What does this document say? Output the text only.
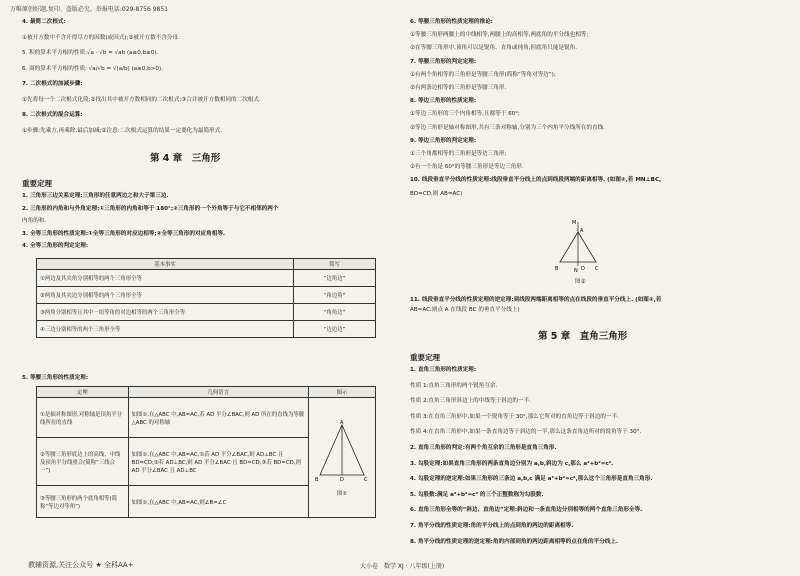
万唯原创好题,复印、盗版必究。举报电话:029-8756 9851
4. 最简二次根式:
①被开方数中不含开得尽方的因数(或因式);②被开方数不含分母.
5. 积的算术平方根的性质:√a · √b = √ab (a≥0,b≥0).
6. 商的算术平方根的性质: √a/√b = √(a/b) (a≥0,b>0).
7. 二次根式的加减步骤:
①先将每一个二次根式化简;②找出其中被开方数相同的二次根式;③合并被开方数相同的二次根式.
8. 二次根式的混合运算:
①步骤:先乘方,再乘除,最后加减;②注意:二次根式运算的结果一定要化为最简形式.
第 4 章　三角形
重要定理
1. 三角形三边关系定理:三角形的任意两边之和大于第三边.
2. 三角形的内角和与外角定理:①三角形的内角和等于 180°;②三角形的一个外角等于与它不相邻的两个
内角的和.
3. 全等三角形的性质定理:①全等三角形的对应边相等;②全等三角形的对应角相等.
4. 全等三角形的判定定理:
基本事实	简写
①两边及其夹角分别相等的两个三角形全等	“边角边”
②两角及其夹边分别相等的两个三角形全等	“角边角”
③两角分别相等且其中一组等角的对边相等的两个三角形全等	“角角边”
④三边分别相等的两个三角形全等	“边边边”
5. 等腰三角形的性质定理:
定理	几何语言	图示
①是轴对称图形,对称轴是顶角平分线所在的直线	如图①,在△ABC 中,AB=AC,若 AD 平分∠BAC,则 AD 所在的直线为等腰△ABC 的对称轴	A
B D C
图①

②等腰三角形底边上的高线、中线及顶角平分线重合(简称“三线合一”)	如图①,在△ABC 中,AB=AC,①若 AD 平分∠BAC,则 AD⊥BC 且 BD=CD;②若 AD⊥BC,则 AD 平分∠BAC 且 BD=CD;③若 BD=CD,则 AD 平分∠BAC 且 AD⊥BC	
③等腰三角形的两个底角相等(简称“等边对等角”)	如图①,在△ABC 中,AB=AC,则∠B=∠C	
教辅资源,关注公众号 ★ 全科AA+
6. 等腰三角形的性质定理的推论:
①等腰三角形两腰上的中线相等,两腰上的高相等,两底角的平分线也相等;
②在等腰三角形中,顶角可以是锐角、直角或钝角,但底角只能是锐角.
7. 等腰三角形的判定定理:
①有两个角相等的三角形是等腰三角形(简称“等角对等边”);
②有两条边相等的三角形是等腰三角形.
8. 等边三角形的性质定理:
①等边三角形的三个内角相等,且都等于 60°;
②等边三角形是轴对称图形,共有三条对称轴,分别为三个内角平分线所在的直线.
9. 等边三角形的判定定理:
①三个角都相等的三角形是等边三角形;
②有一个角是 60°的等腰三角形是等边三角形.
10. 线段垂直平分线的性质定理:线段垂直平分线上的点到线段两端的距离相等. (如图②,若 MN⊥BC,
BD=CD,则 AB=AC)
M
A
B	N D C
图②
11. 线段垂直平分线的性质定理的逆定理:到线段两端距离相等的点在线段的垂直平分线上. (如图②,若
AB=AC,则点 A 在线段 BC 的垂直平分线上)
第 5 章　直角三角形
重要定理
1. 直角三角形的性质定理:
性质 1:直角三角形的两个锐角互余.
性质 2:直角三角形斜边上的中线等于斜边的一半.
性质 3:在直角三角形中,如果一个锐角等于 30°,那么它所对的直角边等于斜边的一半.
性质 4:在直角三角形中,如果一条直角边等于斜边的一半,那么这条直角边所对的锐角等于 30°.
2. 直角三角形的判定:有两个角互余的三角形是直角三角形.
3. 勾股定理:如果直角三角形的两条直角边分别为 a,b,斜边为 c,那么 a²+b²=c².
4. 勾股定理的逆定理:如果三角形的三条边 a,b,c 满足 a²+b²=c²,那么这个三角形是直角三角形.
5. 勾股数:满足 a²+b²=c² 的三个正整数称为勾股数.
6. 直角三角形全等的“斜边、直角边”定理:斜边和一条直角边分别相等的两个直角三角形全等.
7. 角平分线的性质定理:角的平分线上的点到角的两边的距离相等.
8. 角平分线的性质定理的逆定理:角的内部到角的两边距离相等的点在角的平分线上.
大小卷　数学 XJ · 八年级(上册)
